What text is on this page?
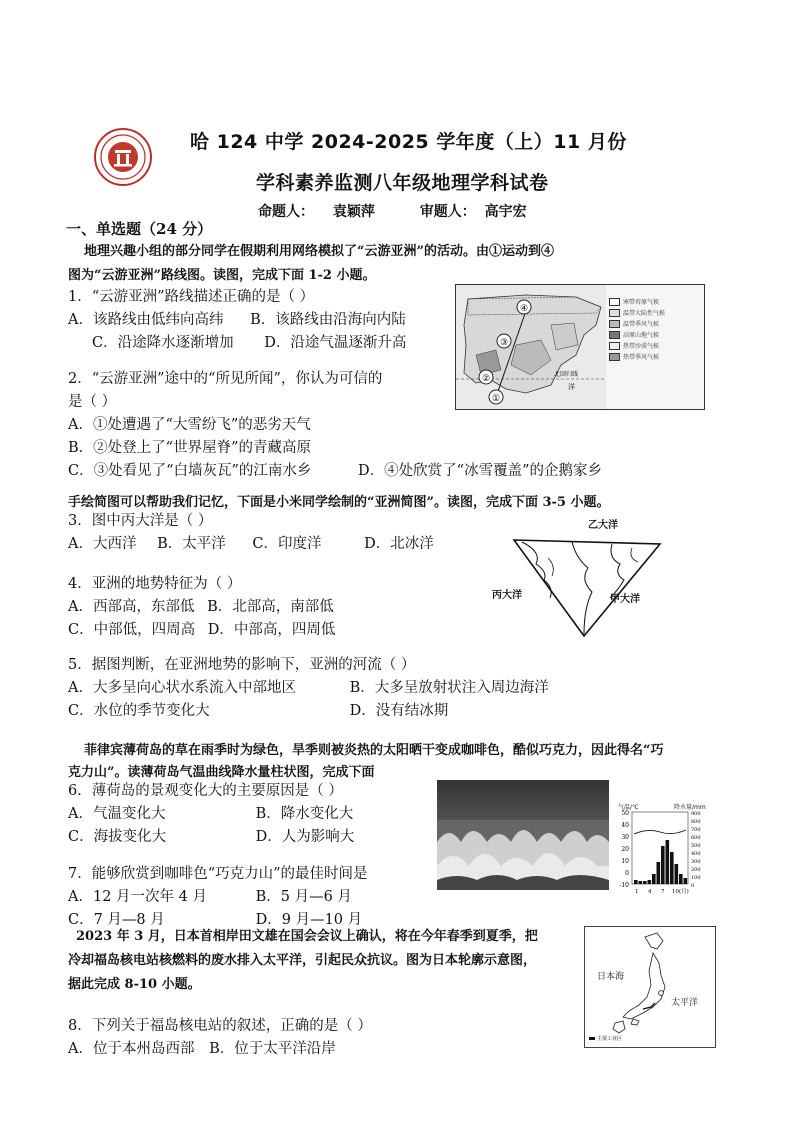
哈 124 中学 2024-2025 学年度（上）11 月份
学科素养监测八年级地理学科试卷
命题人： 袁颖萍	审题人： 高宇宏
一、单选题（24 分）
地理兴趣小组的部分同学在假期利用网络模拟了“云游亚洲”的活动。由①运动到④
图为“云游亚洲”路线图。读图，完成下面 1-2 小题。
1．“云游亚洲”路线描述正确的是（ ）
A．该路线由低纬向高纬 B．该路线由沿海向内陆
C．沿途降水逐渐增加 D．沿途气温逐渐升高
2．“云游亚洲”途中的“所见所闻”，你认为可信的
是（ ）
A．①处遭遇了“大雪纷飞”的恶劣天气
B．②处登上了“世界屋脊”的青藏高原
C．③处看见了“白墙灰瓦”的江南水乡	D．④处欣赏了“冰雪覆盖”的企鹅家乡
①
②
③
④
洋
北回归线
寒带苔原气候
温带大陆性气候
温带季风气候
高原山地气候
热带沙漠气候
热带季风气候
手绘简图可以帮助我们记忆，下面是小米同学绘制的“亚洲简图”。读图，完成下面 3-5 小题。
3．图中丙大洋是（ ）
A．大西洋 B．太平洋 C．印度洋	D．北冰洋
乙大洋
丙大洋	甲大洋
4．亚洲的地势特征为（ ）
A．西部高，东部低 B．北部高，南部低
C．中部低，四周高 D．中部高，四周低
5．据图判断，在亚洲地势的影响下，亚洲的河流（ ）
A．大多呈向心状水系流入中部地区	B．大多呈放射状注入周边海洋
C．水位的季节变化大	D．没有结冰期
菲律宾薄荷岛的草在雨季时为绿色，旱季则被炎热的太阳晒干变成咖啡色，酷似巧克力，因此得名“巧
克力山”。读薄荷岛气温曲线降水量柱状图，完成下面
6．薄荷岛的景观变化大的主要原因是（ ）
A．气温变化大	B．降水变化大
C．海拔变化大	D．人为影响大
50
40
30
20
10
0
-10
900
800
700
600
500
400
300
200
100
0
1 4 7 10(月)
气温/℃	降水量/mm
7．能够欣赏到咖啡色“巧克力山”的最佳时间是
A．12 月一次年 4 月	B．5 月—6 月
C．7 月—8 月	D．9 月—10 月
2023 年 3 月，日本首相岸田文雄在国会会议上确认，将在今年春季到夏季，把
冷却福岛核电站核燃料的废水排入太平洋，引起民众抗议。图为日本轮廓示意图，
据此完成 8-10 小题。
8．下列关于福岛核电站的叙述，正确的是（ ）
A．位于本州岛西部 B．位于太平洋沿岸
主要工业区
日本海
太平洋
